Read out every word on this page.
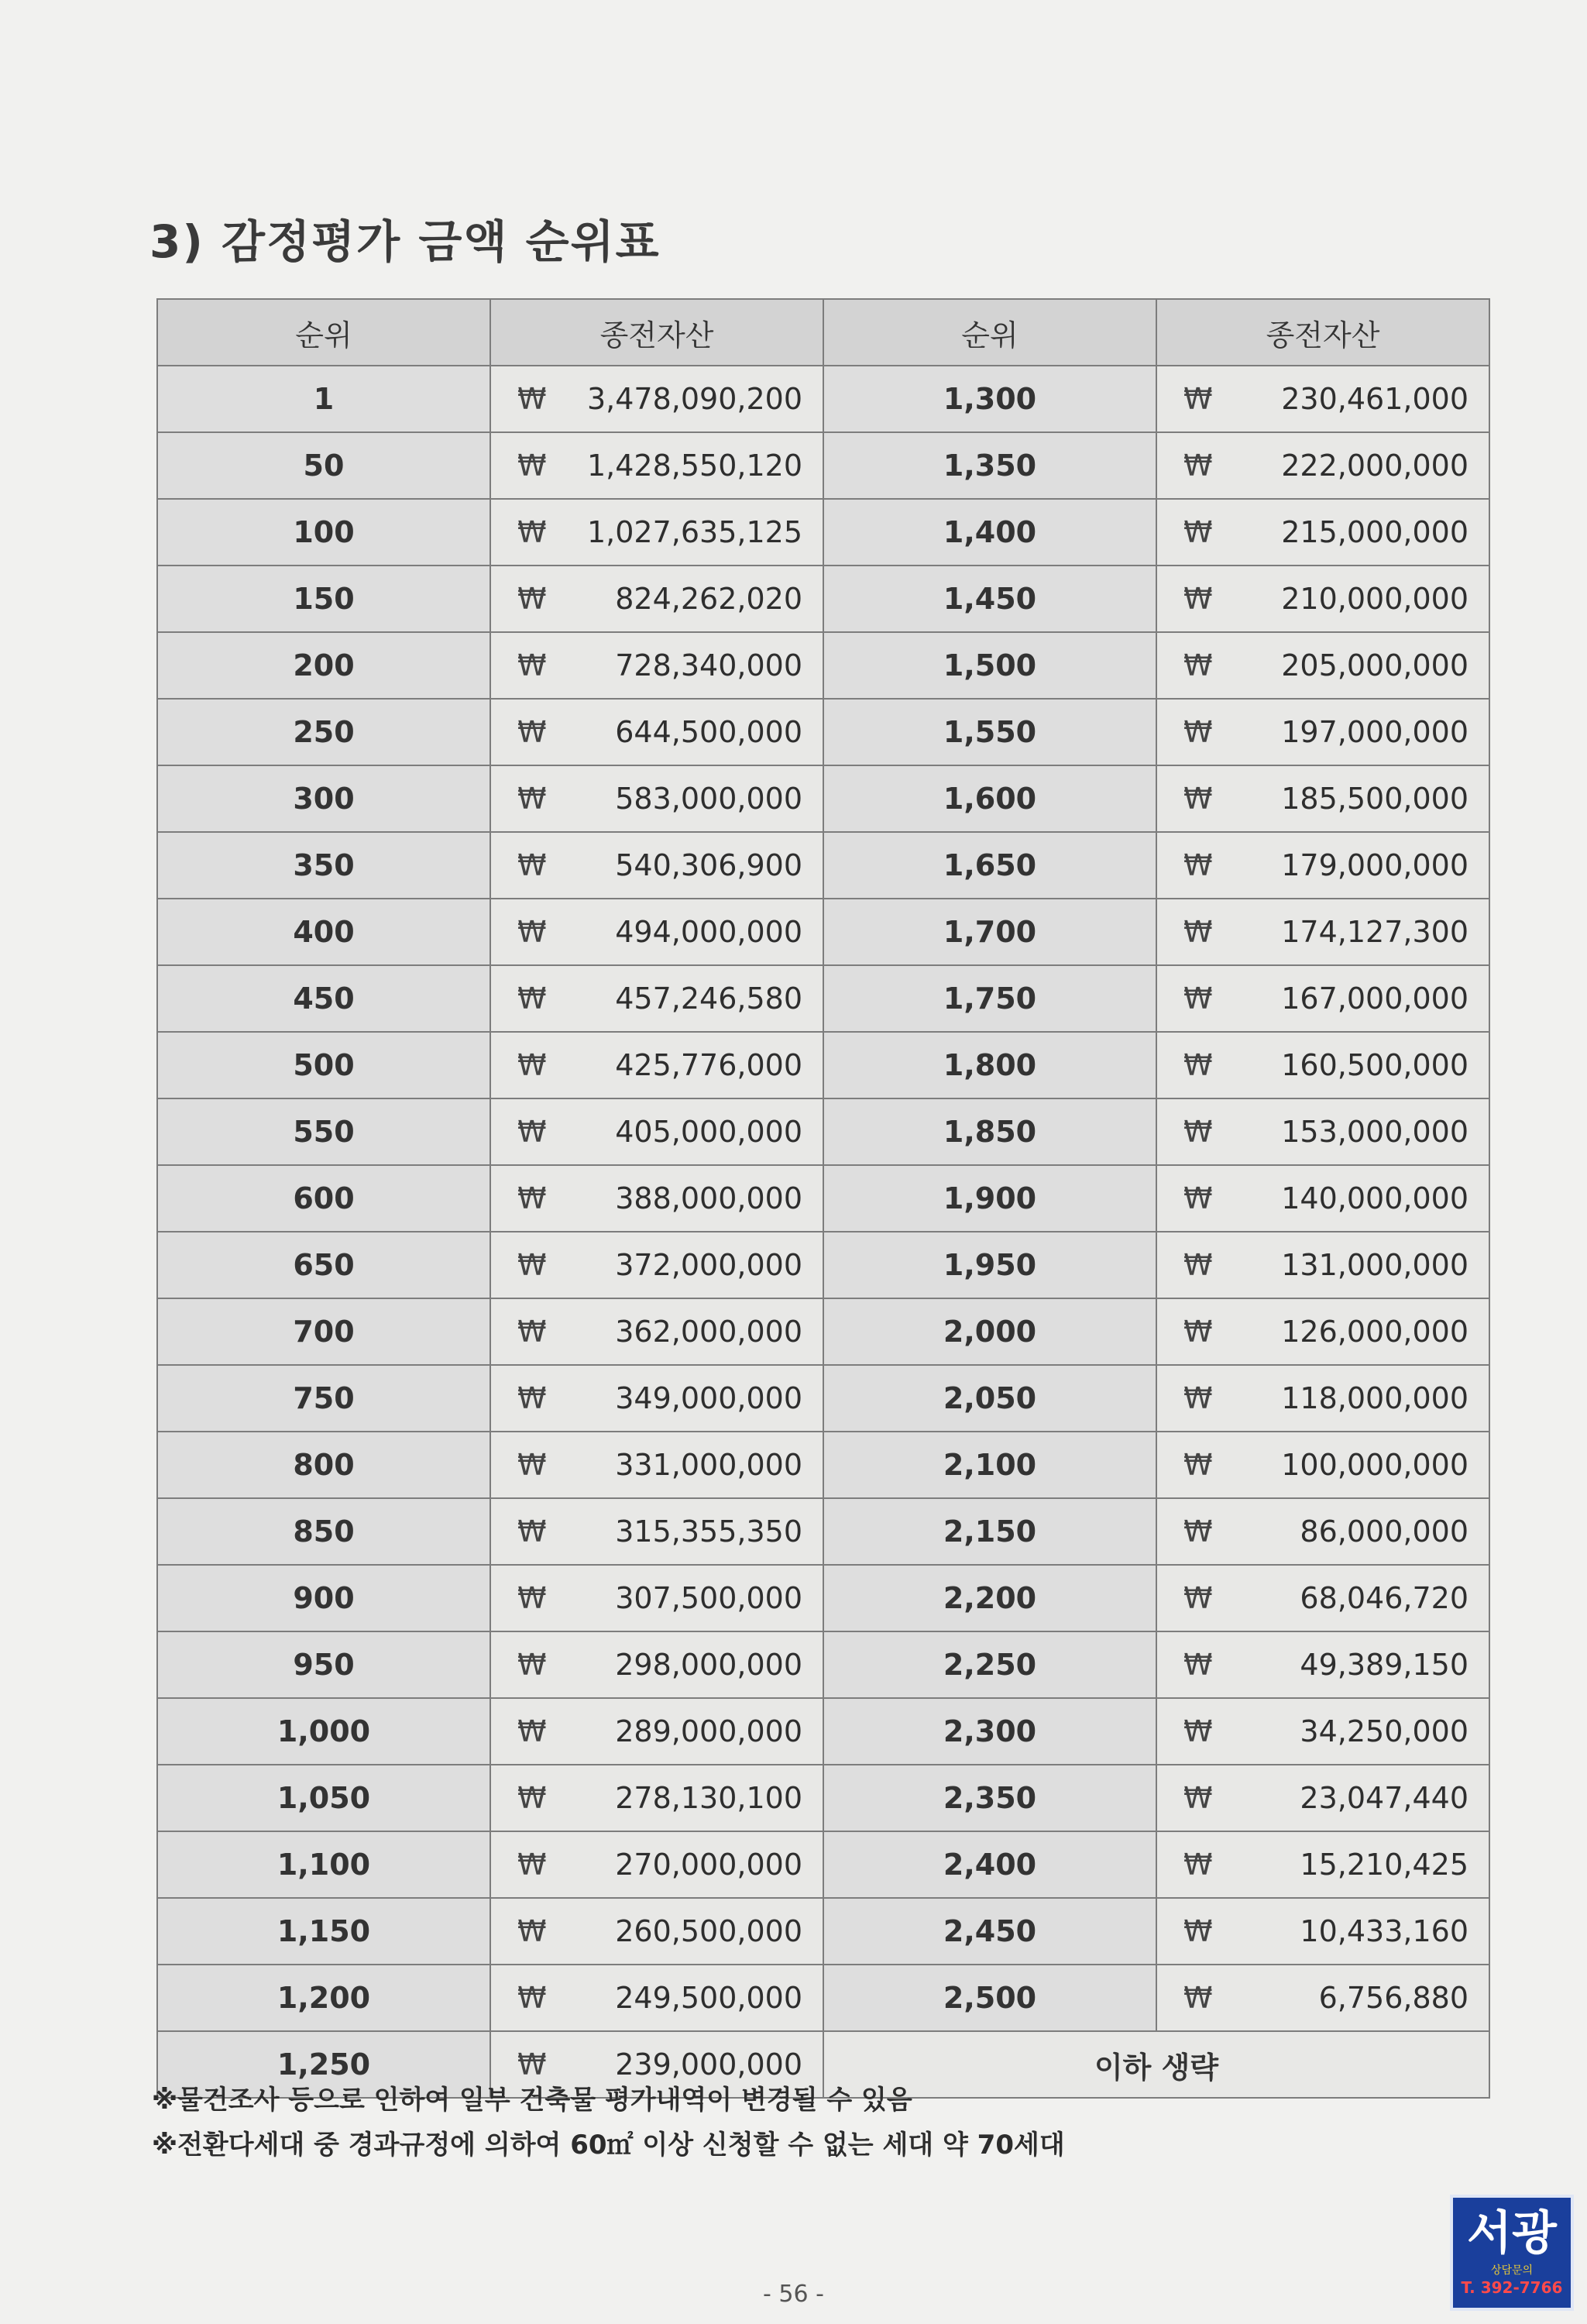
3) 감정평가 금액 순위표
순위	종전자산	순위	종전자산
1	₩ 3,478,090,200	1,300	₩ 230,461,000

50	₩ 1,428,550,120	1,350	₩ 222,000,000

100	₩ 1,027,635,125	1,400	₩ 215,000,000

150	₩ 824,262,020	1,450	₩ 210,000,000

200	₩ 728,340,000	1,500	₩ 205,000,000

250	₩ 644,500,000	1,550	₩ 197,000,000

300	₩ 583,000,000	1,600	₩ 185,500,000

350	₩ 540,306,900	1,650	₩ 179,000,000

400	₩ 494,000,000	1,700	₩ 174,127,300

450	₩ 457,246,580	1,750	₩ 167,000,000

500	₩ 425,776,000	1,800	₩ 160,500,000

550	₩ 405,000,000	1,850	₩ 153,000,000

600	₩ 388,000,000	1,900	₩ 140,000,000

650	₩ 372,000,000	1,950	₩ 131,000,000

700	₩ 362,000,000	2,000	₩ 126,000,000

750	₩ 349,000,000	2,050	₩ 118,000,000

800	₩ 331,000,000	2,100	₩ 100,000,000

850	₩ 315,355,350	2,150	₩ 86,000,000

900	₩ 307,500,000	2,200	₩ 68,046,720

950	₩ 298,000,000	2,250	₩ 49,389,150

1,000	₩ 289,000,000	2,300	₩ 34,250,000

1,050	₩ 278,130,100	2,350	₩ 23,047,440

1,100	₩ 270,000,000	2,400	₩ 15,210,425

1,150	₩ 260,500,000	2,450	₩ 10,433,160

1,200	₩ 249,500,000	2,500	₩ 6,756,880

1,250	₩ 239,000,000	이하 생략	
※물건조사 등으로 인하여 일부 건축물 평가내역이 변경될 수 있음
※전환다세대 중 경과규정에 의하여 60㎡ 이상 신청할 수 없는 세대 약 70세대
- 56 -
서광
상담문의
T. 392-7766
